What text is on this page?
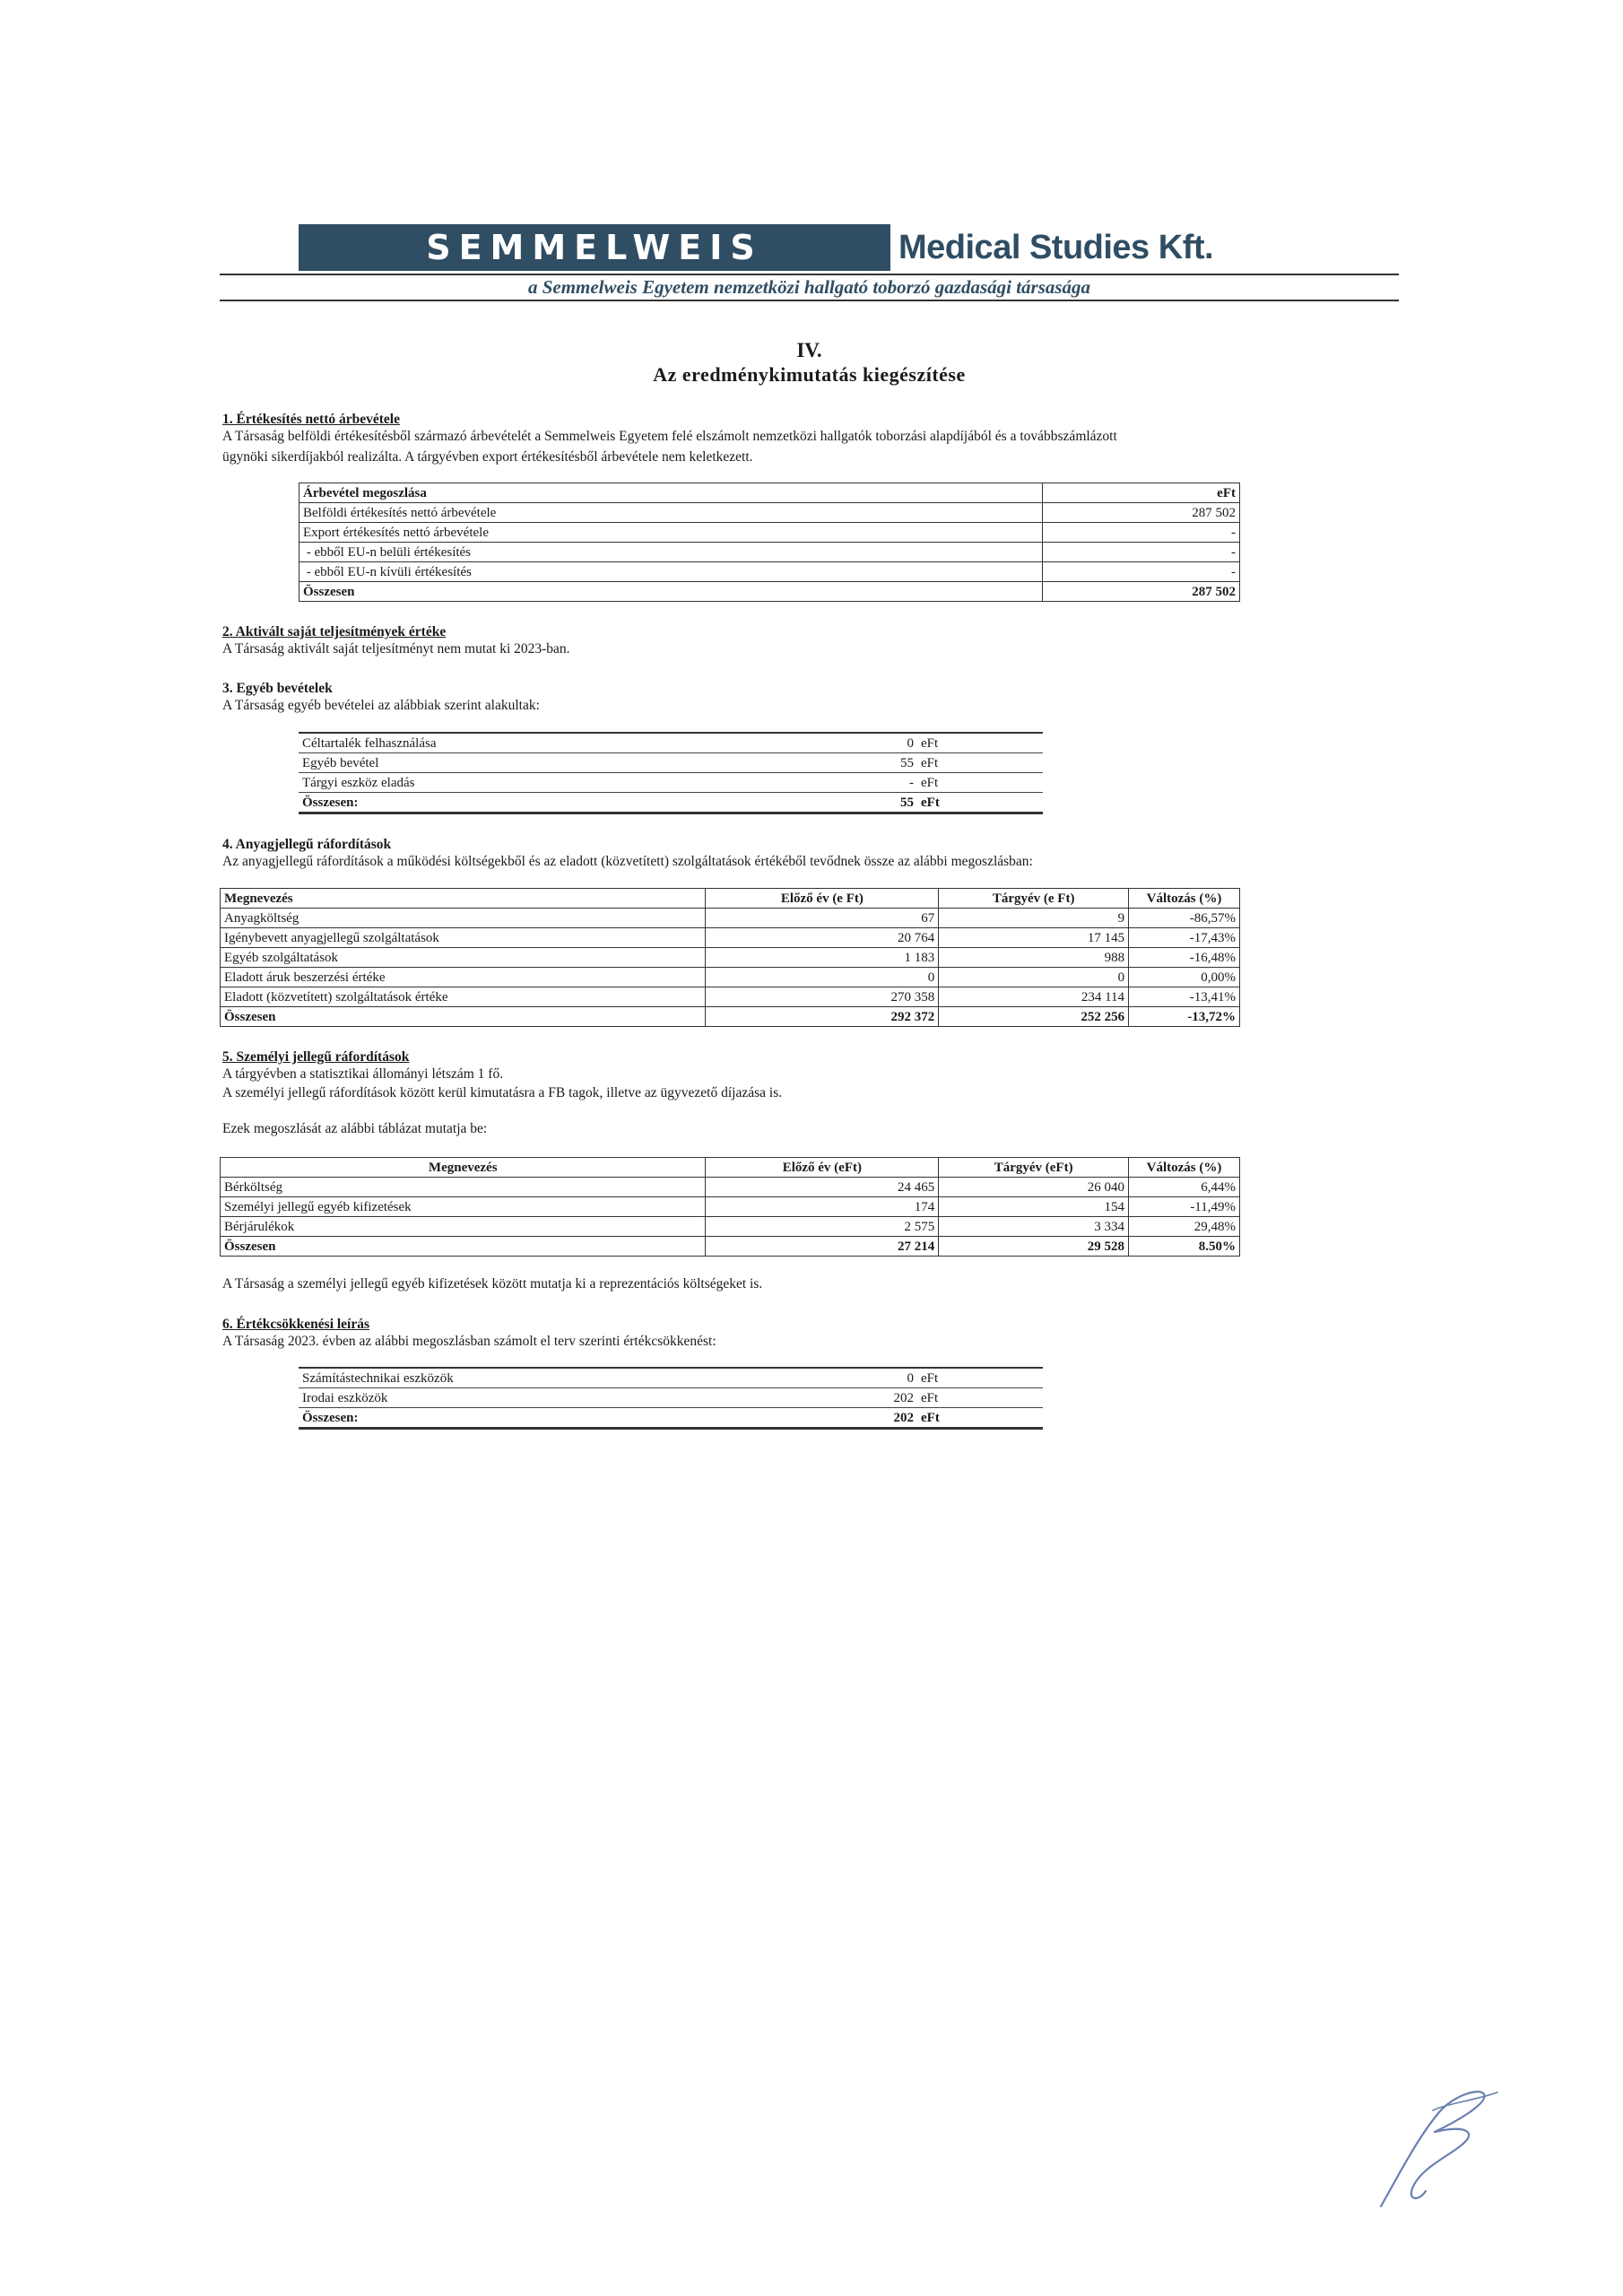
SEMMELWEIS	Medical Studies Kft.
a Semmelweis Egyetem nemzetközi hallgató toborzó gazdasági társasága
IV.
Az eredménykimutatás kiegészítése
1. Értékesítés nettó árbevétele
A Társaság belföldi értékesítésből származó árbevételét a Semmelweis Egyetem felé elszámolt nemzetközi hallgatók toborzási alapdíjából és a továbbszámlázott
ügynöki sikerdíjakból realizálta. A tárgyévben export értékesítésből árbevétele nem keletkezett.
Árbevétel megoszlása	eFt
Belföldi értékesítés nettó árbevétele	287 502
Export értékesítés nettó árbevétele	-
- ebből EU-n belüli értékesítés	-
- ebből EU-n kívüli értékesítés	-
Összesen	287 502
2. Aktivált saját teljesítmények értéke
A Társaság aktivált saját teljesítményt nem mutat ki 2023-ban.
3. Egyéb bevételek
A Társaság egyéb bevételei az alábbiak szerint alakultak:
Céltartalék felhasználása	0	eFt
Egyéb bevétel	55	eFt
Tárgyi eszköz eladás	-	eFt
Összesen:	55	eFt
4. Anyagjellegű ráfordítások
Az anyagjellegű ráfordítások a működési költségekből és az eladott (közvetített) szolgáltatások értékéből tevődnek össze az alábbi megoszlásban:
Megnevezés	Előző év (e Ft)	Tárgyév (e Ft)	Változás (%)
Anyagköltség	67	9	-86,57%
Igénybevett anyagjellegű szolgáltatások	20 764	17 145	-17,43%
Egyéb szolgáltatások	1 183	988	-16,48%
Eladott áruk beszerzési értéke	0	0	0,00%
Eladott (közvetített) szolgáltatások értéke	270 358	234 114	-13,41%
Összesen	292 372	252 256	-13,72%
5. Személyi jellegű ráfordítások
A tárgyévben a statisztikai állományi létszám 1 fő.
A személyi jellegű ráfordítások között kerül kimutatásra a FB tagok, illetve az ügyvezető díjazása is.
Ezek megoszlását az alábbi táblázat mutatja be:
Megnevezés	Előző év (eFt)	Tárgyév (eFt)	Változás (%)
Bérköltség	24 465	26 040	6,44%
Személyi jellegű egyéb kifizetések	174	154	-11,49%
Bérjárulékok	2 575	3 334	29,48%
Összesen	27 214	29 528	8.50%
A Társaság a személyi jellegű egyéb kifizetések között mutatja ki a reprezentációs költségeket is.
6. Értékcsökkenési leírás
A Társaság 2023. évben az alábbi megoszlásban számolt el terv szerinti értékcsökkenést:
Számítástechnikai eszközök	0	eFt
Irodai eszközök	202	eFt
Összesen:	202	eFt
